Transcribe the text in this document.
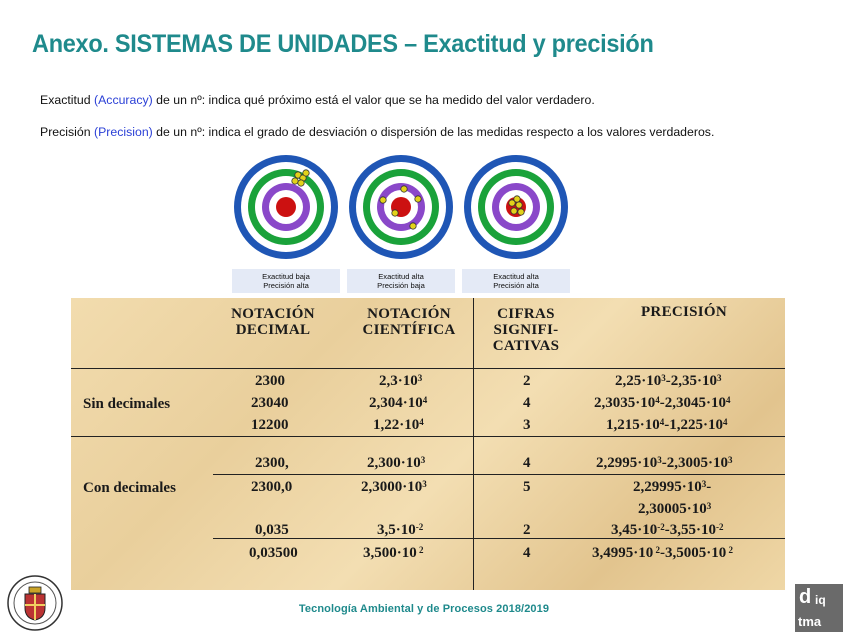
Anexo. SISTEMAS DE UNIDADES – Exactitud y precisión
Exactitud (Accuracy) de un nº: indica qué próximo está el valor que se ha medido del valor verdadero.
Precisión (Precision) de un nº: indica el grado de desviación o dispersión de las medidas respecto a los valores verdaderos.
Exactitud baja
Precisión alta
Exactitud alta
Precisión baja
Exactitud alta
Precisión alta
NOTACIÓN
DECIMAL
NOTACIÓN
CIENTÍFICA
CIFRAS
SIGNIFI-
CATIVAS
PRECISIÓN
Sin decimales
Con decimales
2300
23040
12200
2300,
2300,0
0,035
0,03500
$2,3\cdot 10^3$
$2,304\cdot 10^4$
$1,22\cdot 10^4$
$2,300\cdot 10^3$
$2,3000\cdot 10^3$
$3,5\cdot 10^{-2}$
3,500·10 $^2$
2
4
3
4
5
2
4
$2,25\cdot 10^3-2,35\cdot 10^3$
$2,3035\cdot 10^4-2,3045\cdot 10^4$
$1,215\cdot 10^4-1,225\cdot 10^4$
$2,2995\cdot 10^3-2,3005\cdot 10^3$
$2,29995\cdot 10^3-$
$2,30005\cdot 10^3$
$3,45\cdot 10^{-2}-3,55\cdot 10^{-2}$
3,4995·10 $^2$-3,5005·10 $^2$
Tecnología Ambiental y de Procesos 2018/2019
d iq
tma
